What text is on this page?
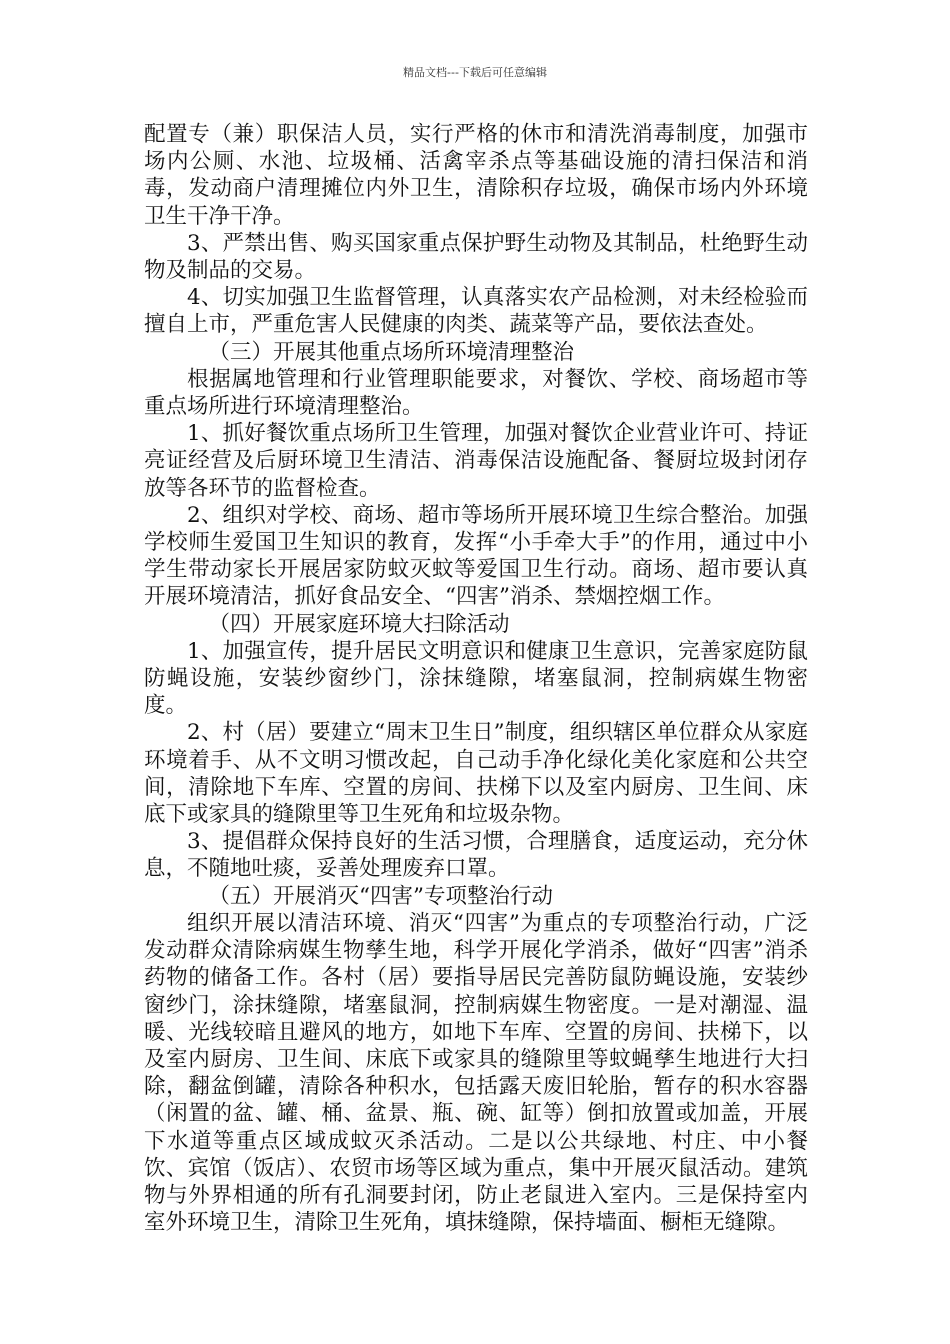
精品文档---下载后可任意编辑

配置专（兼）职保洁人员，实行严格的休市和清洗消毒制度，加强市场内公厕、水池、垃圾桶、活禽宰杀点等基础设施的清扫保洁和消毒，发动商户清理摊位内外卫生，清除积存垃圾，确保市场内外环境卫生干净干净。

3、严禁出售、购买国家重点保护野生动物及其制品，杜绝野生动物及制品的交易。

4、切实加强卫生监督管理，认真落实农产品检测，对未经检验而擅自上市，严重危害人民健康的肉类、蔬菜等产品，要依法查处。

（三）开展其他重点场所环境清理整治

根据属地管理和行业管理职能要求，对餐饮、学校、商场超市等重点场所进行环境清理整治。

1、抓好餐饮重点场所卫生管理，加强对餐饮企业营业许可、持证亮证经营及后厨环境卫生清洁、消毒保洁设施配备、餐厨垃圾封闭存放等各环节的监督检查。

2、组织对学校、商场、超市等场所开展环境卫生综合整治。加强学校师生爱国卫生知识的教育，发挥“小手牵大手”的作用，通过中小学生带动家长开展居家防蚊灭蚊等爱国卫生行动。商场、超市要认真开展环境清洁，抓好食品安全、“四害”消杀、禁烟控烟工作。

（四）开展家庭环境大扫除活动

1、加强宣传，提升居民文明意识和健康卫生意识，完善家庭防鼠防蝇设施，安装纱窗纱门，涂抹缝隙，堵塞鼠洞，控制病媒生物密度。

2、村（居）要建立“周末卫生日”制度，组织辖区单位群众从家庭环境着手、从不文明习惯改起，自己动手净化绿化美化家庭和公共空间，清除地下车库、空置的房间、扶梯下以及室内厨房、卫生间、床底下或家具的缝隙里等卫生死角和垃圾杂物。

3、提倡群众保持良好的生活习惯，合理膳食，适度运动，充分休息，不随地吐痰，妥善处理废弃口罩。

（五）开展消灭“四害”专项整治行动

组织开展以清洁环境、消灭“四害”为重点的专项整治行动，广泛发动群众清除病媒生物孳生地，科学开展化学消杀，做好“四害”消杀药物的储备工作。各村（居）要指导居民完善防鼠防蝇设施，安装纱窗纱门，涂抹缝隙，堵塞鼠洞，控制病媒生物密度。一是对潮湿、温暖、光线较暗且避风的地方，如地下车库、空置的房间、扶梯下，以及室内厨房、卫生间、床底下或家具的缝隙里等蚊蝇孳生地进行大扫除，翻盆倒罐，清除各种积水，包括露天废旧轮胎，暂存的积水容器（闲置的盆、罐、桶、盆景、瓶、碗、缸等）倒扣放置或加盖，开展下水道等重点区域成蚊灭杀活动。二是以公共绿地、村庄、中小餐饮、宾馆（饭店）、农贸市场等区域为重点，集中开展灭鼠活动。建筑物与外界相通的所有孔洞要封闭，防止老鼠进入室内。三是保持室内室外环境卫生，清除卫生死角，填抹缝隙，保持墙面、橱柜无缝隙。
